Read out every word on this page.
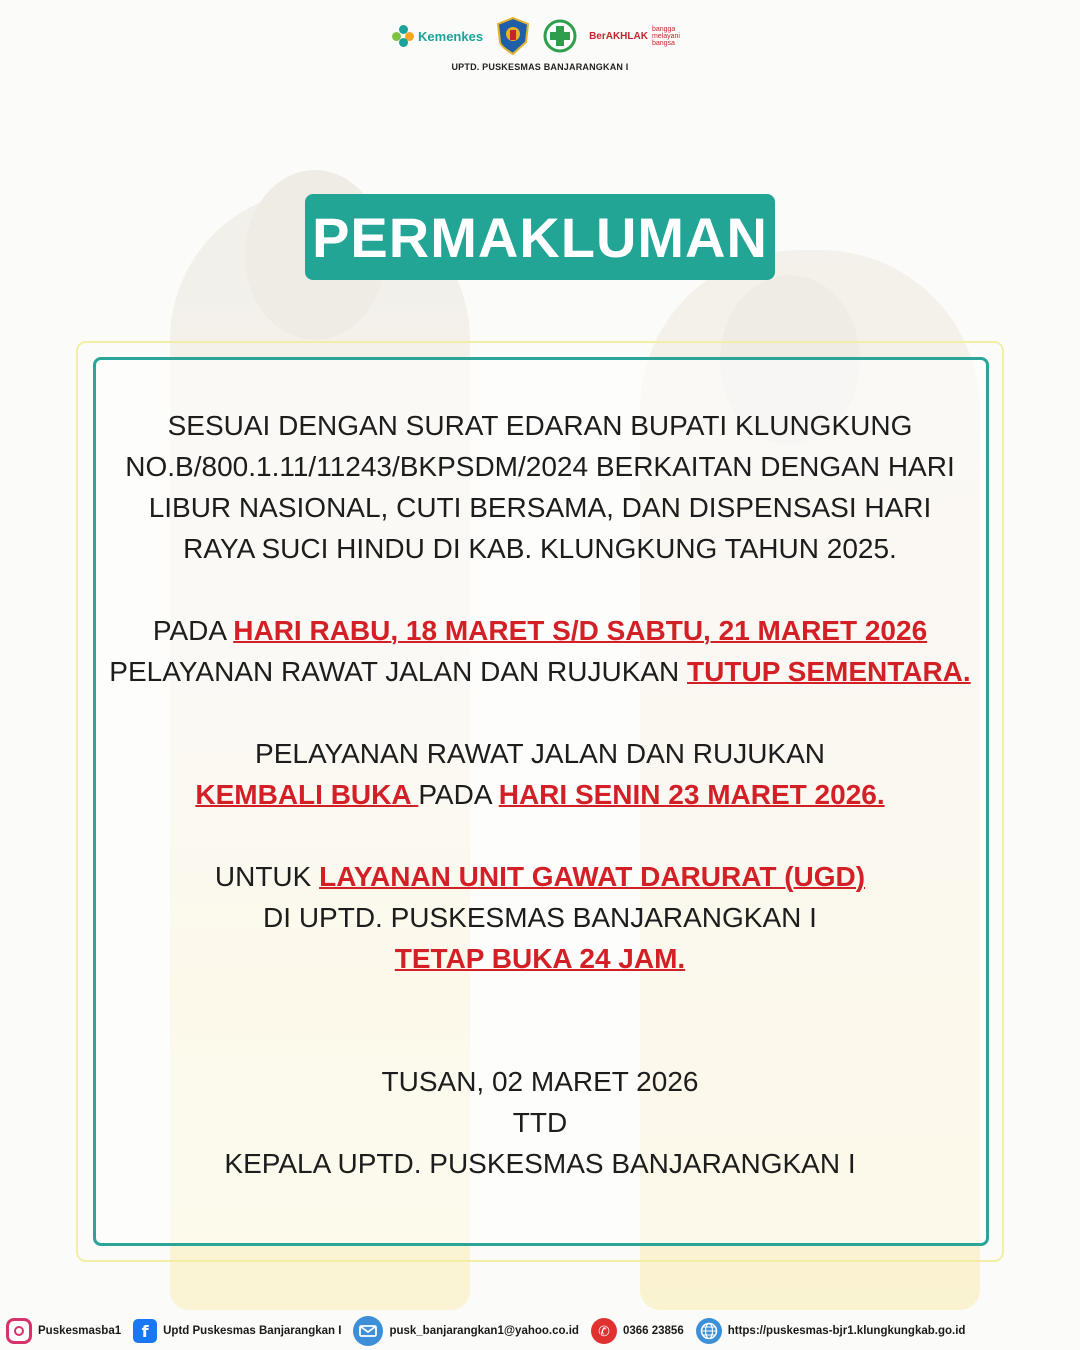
Kemenkes	BerAKHLAK
bangga melayani bangsa
UPTD. PUSKESMAS BANJARANGKAN I
PERMAKLUMAN

SESUAI DENGAN SURAT EDARAN BUPATI KLUNGKUNG NO.B/800.1.11/11243/BKPSDM/2024 BERKAITAN DENGAN HARI LIBUR NASIONAL, CUTI BERSAMA, DAN DISPENSASI HARI RAYA SUCI HINDU DI KAB. KLUNGKUNG TAHUN 2025.

PADA HARI RABU, 18 MARET S/D SABTU, 21 MARET 2026

PELAYANAN RAWAT JALAN DAN RUJUKAN TUTUP SEMENTARA.

PELAYANAN RAWAT JALAN DAN RUJUKAN

KEMBALI BUKA PADA HARI SENIN 23 MARET 2026.

UNTUK LAYANAN UNIT GAWAT DARURAT (UGD)

DI UPTD. PUSKESMAS BANJARANGKAN I

TETAP BUKA 24 JAM.

TUSAN, 02 MARET 2026

TTD

KEPALA UPTD. PUSKESMAS BANJARANGKAN I

Puskesmasba1	f	Uptd Puskesmas Banjarangkan I	pusk_banjarangkan1@yahoo.co.id	✆	0366 23856	https://puskesmas-bjr1.klungkungkab.go.id
